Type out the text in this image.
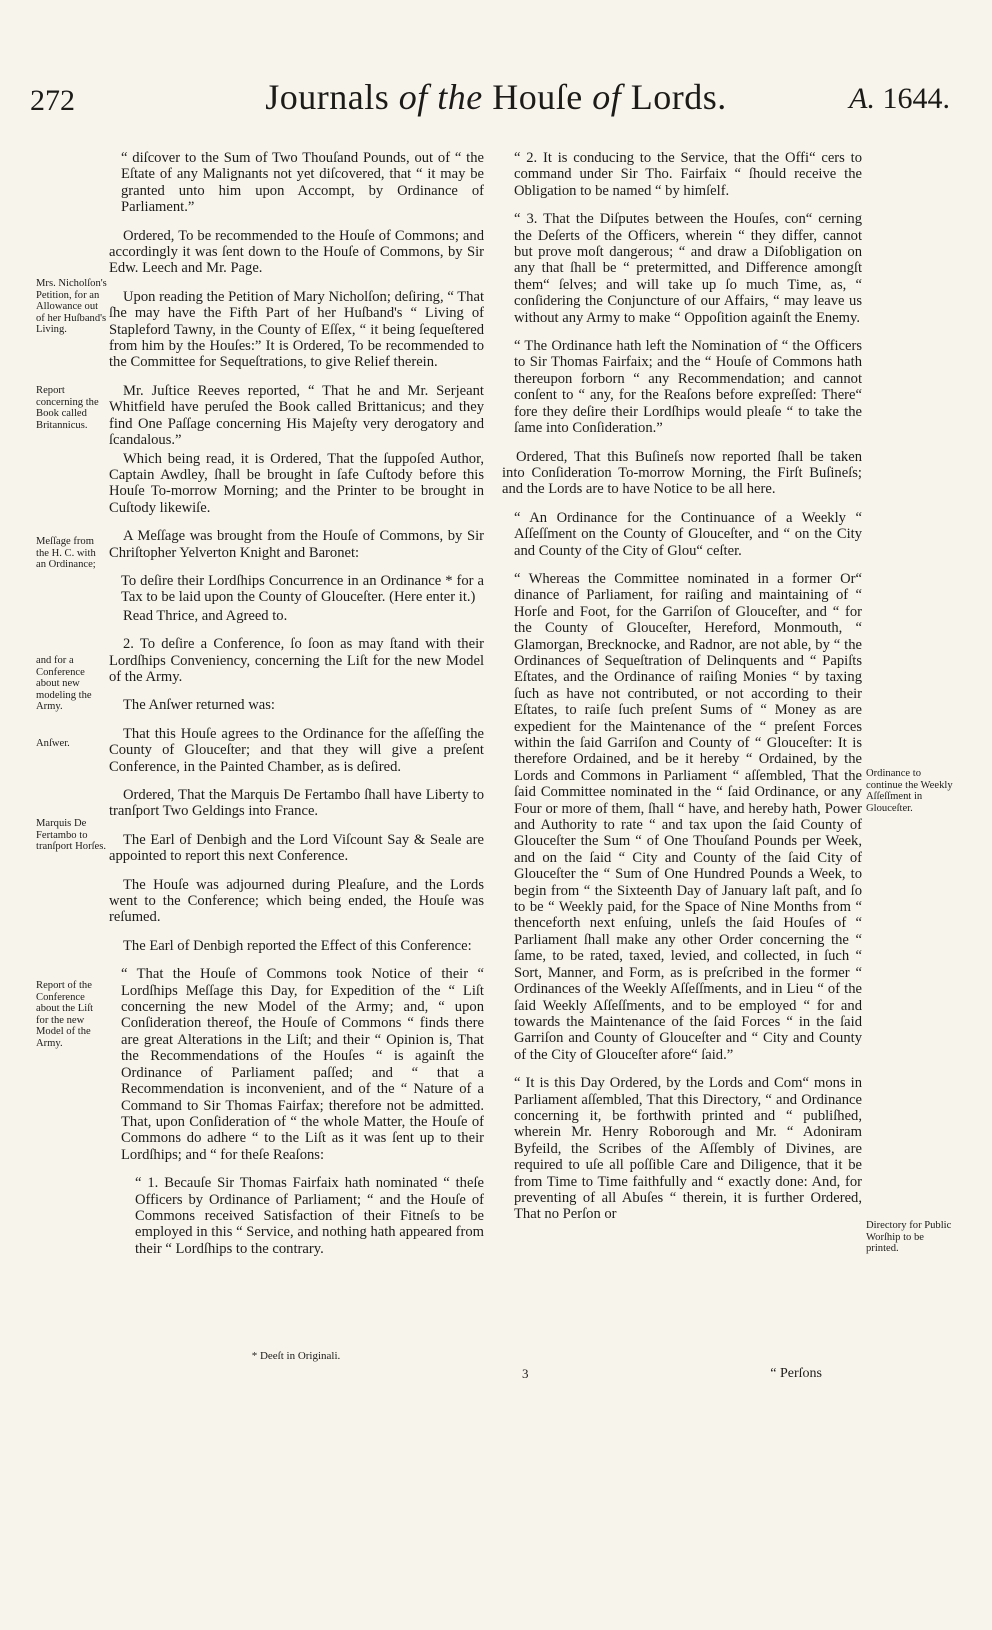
272	Journals of the Houſe of Lords.	A. 1644.
Mrs. Nicholſon's Petition, for an Allowance out of her Huſband's Living.
Report concerning the Book called Britannicus.
Meſſage from the H. C. with an Ordinance;
and for a Conference about new modeling the Army.
Anſwer.
Marquis De Fertambo to tranſport Horſes.
Report of the Conference about the Liſt for the new Model of the Army.
Ordinance to continue the Weekly Aſſeſſment in Glouceſter.
Directory for Public Worſhip to be printed.

“ diſcover to the Sum of Two Thouſand Pounds, out of “ the Eſtate of any Malignants not yet diſcovered, that “ it may be granted unto him upon Accompt, by Ordinance of Parliament.”

Ordered, To be recommended to the Houſe of Commons; and accordingly it was ſent down to the Houſe of Commons, by Sir Edw. Leech and Mr. Page.

Upon reading the Petition of Mary Nicholſon; deſiring, “ That ſhe may have the Fifth Part of her Huſband's “ Living of Stapleford Tawny, in the County of Eſſex, “ it being ſequeſtered from him by the Houſes:” It is Ordered, To be recommended to the Committee for Sequeſtrations, to give Relief therein.

Mr. Juſtice Reeves reported, “ That he and Mr. Serjeant Whitfield have peruſed the Book called Brittanicus; and they find One Paſſage concerning His Majeſty very derogatory and ſcandalous.”

Which being read, it is Ordered, That the ſuppoſed Author, Captain Awdley, ſhall be brought in ſafe Cuſtody before this Houſe To-morrow Morning; and the Printer to be brought in Cuſtody likewiſe.

A Meſſage was brought from the Houſe of Commons, by Sir Chriſtopher Yelverton Knight and Baronet:

To deſire their Lordſhips Concurrence in an Ordinance * for a Tax to be laid upon the County of Glouceſter. (Here enter it.)

Read Thrice, and Agreed to.

2. To deſire a Conference, ſo ſoon as may ſtand with their Lordſhips Conveniency, concerning the Liſt for the new Model of the Army.

The Anſwer returned was:

That this Houſe agrees to the Ordinance for the aſſeſſing the County of Glouceſter; and that they will give a preſent Conference, in the Painted Chamber, as is deſired.

Ordered, That the Marquis De Fertambo ſhall have Liberty to tranſport Two Geldings into France.

The Earl of Denbigh and the Lord Viſcount Say & Seale are appointed to report this next Conference.

The Houſe was adjourned during Pleaſure, and the Lords went to the Conference; which being ended, the Houſe was reſumed.

The Earl of Denbigh reported the Effect of this Conference:

“ That the Houſe of Commons took Notice of their “ Lordſhips Meſſage this Day, for Expedition of the “ Liſt concerning the new Model of the Army; and, “ upon Conſideration thereof, the Houſe of Commons “ finds there are great Alterations in the Liſt; and their “ Opinion is, That the Recommendations of the Houſes “ is againſt the Ordinance of Parliament paſſed; and “ that a Recommendation is inconvenient, and of the “ Nature of a Command to Sir Thomas Fairfax; therefore not be admitted. That, upon Conſideration of “ the whole Matter, the Houſe of Commons do adhere “ to the Liſt as it was ſent up to their Lordſhips; and “ for theſe Reaſons:

“ 1. Becauſe Sir Thomas Fairfaix hath nominated “ theſe Officers by Ordinance of Parliament; “ and the Houſe of Commons received Satisfaction of their Fitneſs to be employed in this “ Service, and nothing hath appeared from their “ Lordſhips to the contrary.

“ 2. It is conducing to the Service, that the Offi“ cers to command under Sir Tho. Fairfaix “ ſhould receive the Obligation to be named “ by himſelf.

“ 3. That the Diſputes between the Houſes, con“ cerning the Deſerts of the Officers, wherein “ they differ, cannot but prove moſt dangerous; “ and draw a Diſobligation on any that ſhall be “ pretermitted, and Difference amongſt them“ ſelves; and will take up ſo much Time, as, “ conſidering the Conjuncture of our Affairs, “ may leave us without any Army to make “ Oppoſition againſt the Enemy.

“ The Ordinance hath left the Nomination of “ the Officers to Sir Thomas Fairfaix; and the “ Houſe of Commons hath thereupon forborn “ any Recommendation; and cannot conſent to “ any, for the Reaſons before expreſſed: There“ fore they deſire their Lordſhips would pleaſe “ to take the ſame into Conſideration.”

Ordered, That this Buſineſs now reported ſhall be taken into Conſideration To-morrow Morning, the Firſt Buſineſs; and the Lords are to have Notice to be all here.

“ An Ordinance for the Continuance of a Weekly “ Aſſeſſment on the County of Glouceſter, and “ on the City and County of the City of Glou“ ceſter.

“ Whereas the Committee nominated in a former Or“ dinance of Parliament, for raiſing and maintaining of “ Horſe and Foot, for the Garriſon of Glouceſter, and “ for the County of Glouceſter, Hereford, Monmouth, “ Glamorgan, Brecknocke, and Radnor, are not able, by “ the Ordinances of Sequeſtration of Delinquents and “ Papiſts Eſtates, and the Ordinance of raiſing Monies “ by taxing ſuch as have not contributed, or not according to their Eſtates, to raiſe ſuch preſent Sums of “ Money as are expedient for the Maintenance of the “ preſent Forces within the ſaid Garriſon and County of “ Glouceſter: It is therefore Ordained, and be it hereby “ Ordained, by the Lords and Commons in Parliament “ aſſembled, That the ſaid Committee nominated in the “ ſaid Ordinance, or any Four or more of them, ſhall “ have, and hereby hath, Power and Authority to rate “ and tax upon the ſaid County of Glouceſter the Sum “ of One Thouſand Pounds per Week, and on the ſaid “ City and County of the ſaid City of Glouceſter the “ Sum of One Hundred Pounds a Week, to begin from “ the Sixteenth Day of January laſt paſt, and ſo to be “ Weekly paid, for the Space of Nine Months from “ thenceforth next enſuing, unleſs the ſaid Houſes of “ Parliament ſhall make any other Order concerning the “ ſame, to be rated, taxed, levied, and collected, in ſuch “ Sort, Manner, and Form, as is preſcribed in the former “ Ordinances of the Weekly Aſſeſſments, and in Lieu “ of the ſaid Weekly Aſſeſſments, and to be employed “ for and towards the Maintenance of the ſaid Forces “ in the ſaid Garriſon and County of Glouceſter and “ City and County of the City of Glouceſter afore“ ſaid.”

“ It is this Day Ordered, by the Lords and Com“ mons in Parliament aſſembled, That this Directory, “ and Ordinance concerning it, be forthwith printed and “ publiſhed, wherein Mr. Henry Roborough and Mr. “ Adoniram Byfeild, the Scribes of the Aſſembly of Divines, are required to uſe all poſſible Care and Diligence, that it be from Time to Time faithfully and “ exactly done: And, for preventing of all Abuſes “ therein, it is further Ordered, That no Perſon or

* Deeſt in Originali.
3	“ Perſons
